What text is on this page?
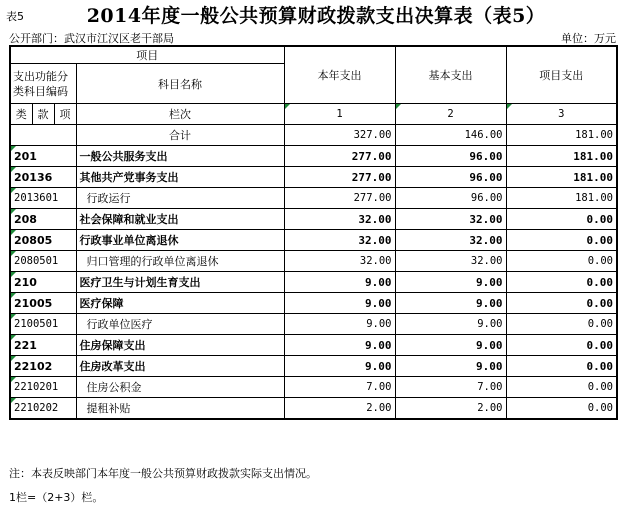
表5	2014年度一般公共预算财政拨款支出决算表（表5）
公开部门：武汉市江汉区老干部局	单位：万元
项目				本年支出	基本支出	项目支出	
支出功能分类科目编码			科目名称				

类	款	项					
			栏次	1	2	3	
			合计	327.00	146.00	181.00	
201			一般公共服务支出	277.00	96.00	181.00	
20136			其他共产党事务支出	277.00	96.00	181.00	
2013601			行政运行	277.00	96.00	181.00	
208			社会保障和就业支出	32.00	32.00	0.00	
20805			行政事业单位离退休	32.00	32.00	0.00	
2080501			归口管理的行政单位离退休	32.00	32.00	0.00	
210			医疗卫生与计划生育支出	9.00	9.00	0.00	
21005			医疗保障	9.00	9.00	0.00	
2100501			行政单位医疗	9.00	9.00	0.00	
221			住房保障支出	9.00	9.00	0.00	
22102			住房改革支出	9.00	9.00	0.00	
2210201			住房公积金	7.00	7.00	0.00	
2210202			提租补贴	2.00	2.00	0.00	
注：本表反映部门本年度一般公共预算财政拨款实际支出情况。
1栏=（2+3）栏。
